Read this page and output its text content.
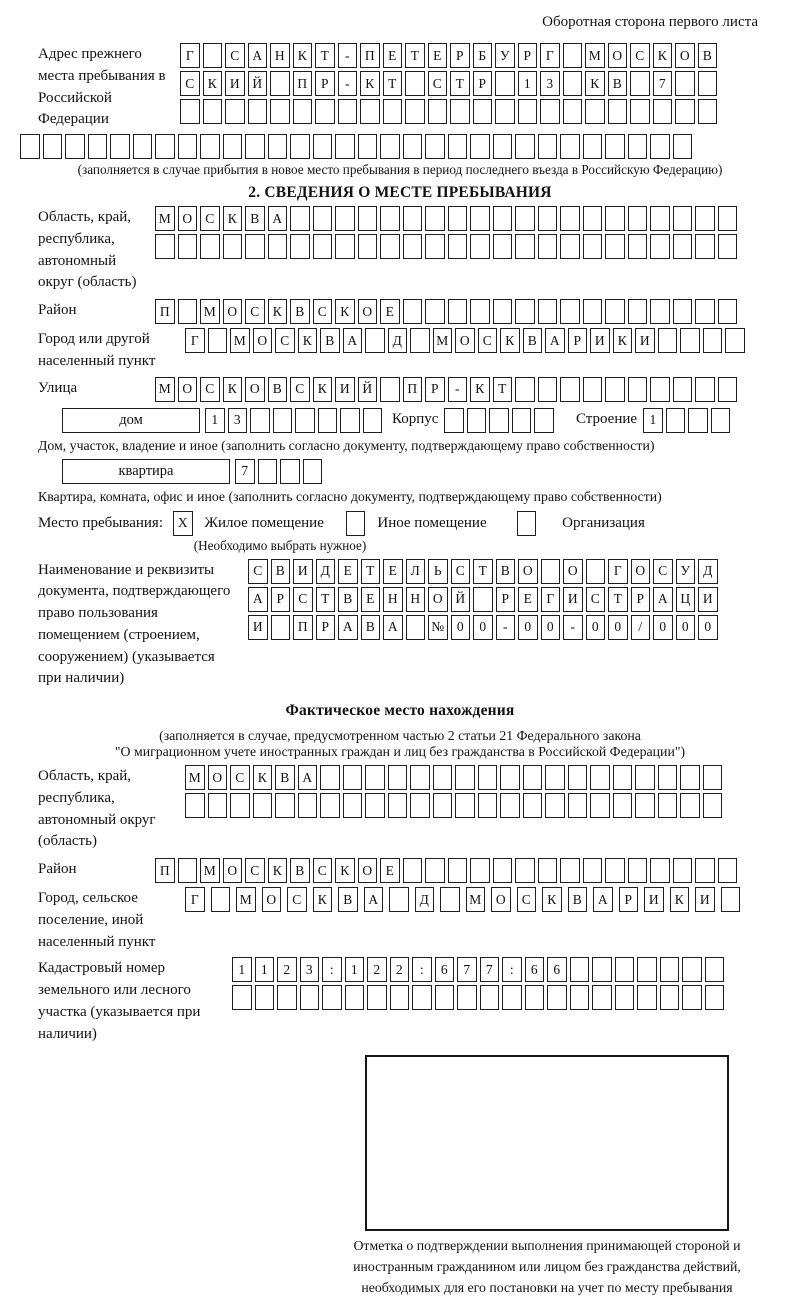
Оборотная сторона первого листа
Адрес прежнего места пребывания в Российской Федерации
Г	С А Н К	Т	-	П	Е	Т	Е	Р	Б	У	Р	Г	М О С К О В
С К И Й	П	Р	-	К	Т	С	Т	Р	1	3	К В	7
(заполняется в случае прибытия в новое место пребывания в период последнего въезда в Российскую Федерацию)
2. СВЕДЕНИЯ О МЕСТЕ ПРЕБЫВАНИЯ
Область, край, республика, автономный округ (область)
М О С К В А
Район	П	М О С К В С К О	Е
Город или другой населенный пункт
Г	М О С К В А	Д	М О С К В А	Р	И К И
Улица	М О С К О В С К И Й	П	Р	-	К	Т
дом	1	3	Корпус	Строение 1
Дом, участок, владение и иное (заполнить согласно документу, подтверждающему право собственности)
квартира	7
Квартира, комната, офис и иное (заполнить согласно документу, подтверждающему право собственности)
Место пребывания:	X	Жилое помещение	Иное помещение	Организация
(Необходимо выбрать нужное)
Наименование и реквизиты документа, подтверждающего право пользования помещением (строением, сооружением) (указывается при наличии)
С В И Д	Е	Т	Е	Л	Ь	С	Т	В О	О	Г	О С У Д
А	Р	С	Т	В	Е	Н Н О Й	Р	Е	Г	И С	Т	Р	А Ц И
И	П	Р	А В А	№ 0	0	-	0	0	-	0	0	/	0	0	0
Фактическое место нахождения
(заполняется в случае, предусмотренном частью 2 статьи 21 Федерального закона
"О миграционном учете иностранных граждан и лиц без гражданства в Российской Федерации")
Область, край, республика, автономный округ (область)
М О С К В А
Район	П	М О С К В С К О	Е
Город, сельское поселение, иной населенный пункт
Г	М	О	С	К	В	А	Д	М	О	С	К	В	А	Р	И	К	И
Кадастровый номер земельного или лесного участка (указывается при наличии)
1	1	2	3	:	1	2	2	:	6	7	7	:	6	6
Отметка о подтверждении выполнения принимающей стороной и иностранным гражданином или лицом без гражданства действий, необходимых для его постановки на учет по месту пребывания
